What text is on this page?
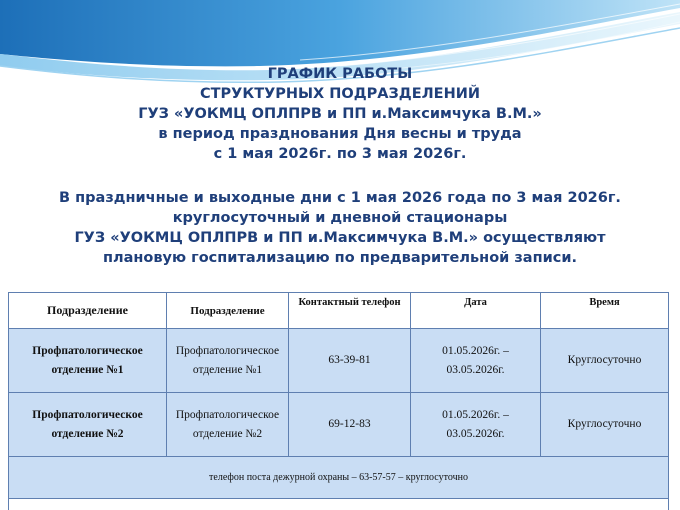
ГРАФИК РАБОТЫ
СТРУКТУРНЫХ ПОДРАЗДЕЛЕНИЙ
ГУЗ «УОКМЦ ОПЛПРВ и ПП и.Максимчука В.М.»
в период празднования Дня весны и труда
с 1 мая 2026г. по 3 мая 2026г.
В праздничные и выходные дни с 1 мая 2026 года по 3 мая 2026г.
круглосуточный и дневной стационары
ГУЗ «УОКМЦ ОПЛПРВ и ПП и.Максимчука В.М.» осуществляют
плановую госпитализацию по предварительной записи.
Подразделение	Подразделение	Контактный телефон	Дата	Время
Профпатологическое отделение №1	Профпатологическое отделение №1	63-39-81	01.05.2026г. – 03.05.2026г.	Круглосуточно
Профпатологическое отделение №2	Профпатологическое отделение №2	69-12-83	01.05.2026г. – 03.05.2026г.	Круглосуточно
телефон поста дежурной охраны – 63-57-57 – круглосуточно				
